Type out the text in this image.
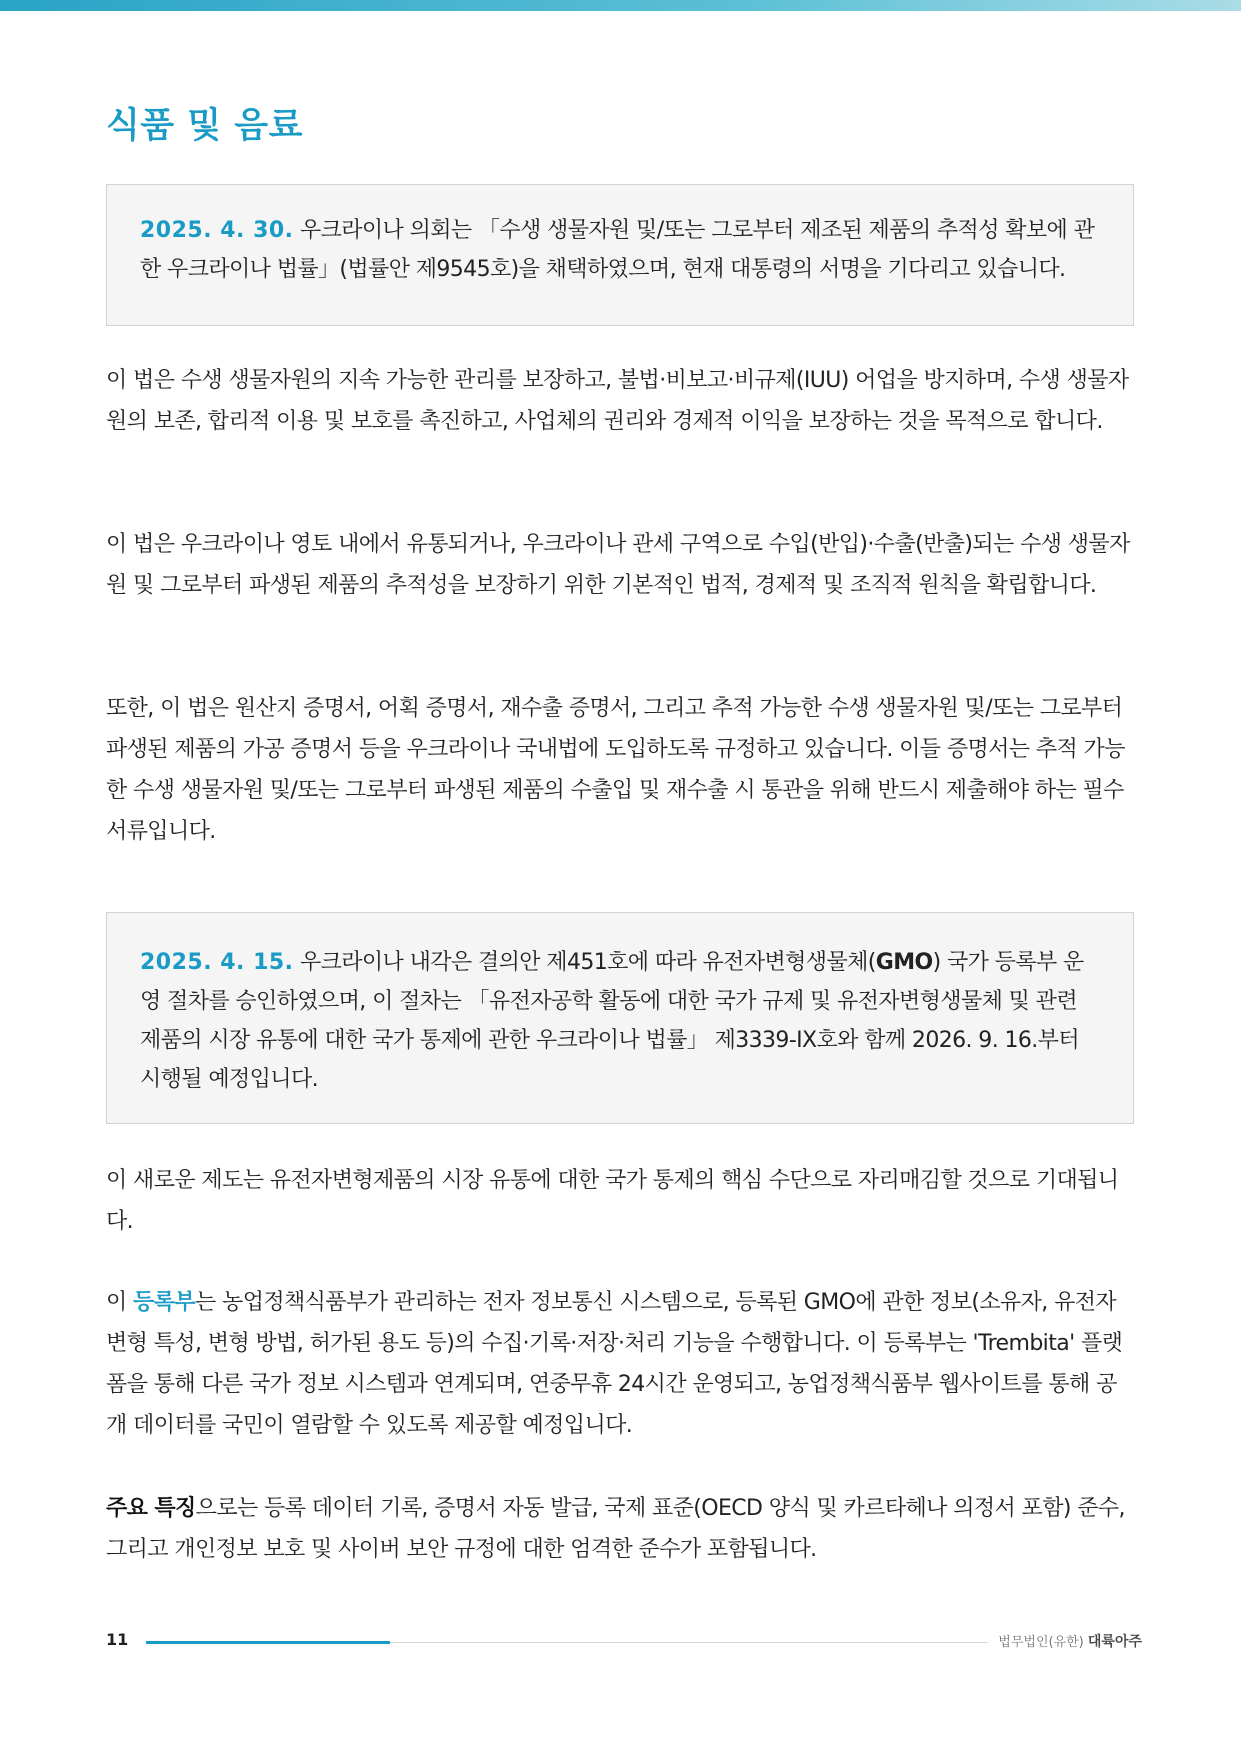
식품 및 음료

2025. 4. 30. 우크라이나 의회는 「수생 생물자원 및/또는 그로부터 제조된 제품의 추적성 확보에 관한 우크라이나 법률」(법률안 제9545호)을 채택하였으며, 현재 대통령의 서명을 기다리고 있습니다.

이 법은 수생 생물자원의 지속 가능한 관리를 보장하고, 불법·비보고·비규제(IUU) 어업을 방지하며, 수생 생물자원의 보존, 합리적 이용 및 보호를 촉진하고, 사업체의 권리와 경제적 이익을 보장하는 것을 목적으로 합니다.

이 법은 우크라이나 영토 내에서 유통되거나, 우크라이나 관세 구역으로 수입(반입)·수출(반출)되는 수생 생물자원 및 그로부터 파생된 제품의 추적성을 보장하기 위한 기본적인 법적, 경제적 및 조직적 원칙을 확립합니다.

또한, 이 법은 원산지 증명서, 어획 증명서, 재수출 증명서, 그리고 추적 가능한 수생 생물자원 및/또는 그로부터 파생된 제품의 가공 증명서 등을 우크라이나 국내법에 도입하도록 규정하고 있습니다. 이들 증명서는 추적 가능한 수생 생물자원 및/또는 그로부터 파생된 제품의 수출입 및 재수출 시 통관을 위해 반드시 제출해야 하는 필수 서류입니다.

2025. 4. 15. 우크라이나 내각은 결의안 제451호에 따라 유전자변형생물체(GMO) 국가 등록부 운영 절차를 승인하였으며, 이 절차는 「유전자공학 활동에 대한 국가 규제 및 유전자변형생물체 및 관련 제품의 시장 유통에 대한 국가 통제에 관한 우크라이나 법률」 제3339-IX호와 함께 2026. 9. 16.부터 시행될 예정입니다.

이 새로운 제도는 유전자변형제품의 시장 유통에 대한 국가 통제의 핵심 수단으로 자리매김할 것으로 기대됩니다.

이 등록부는 농업정책식품부가 관리하는 전자 정보통신 시스템으로, 등록된 GMO에 관한 정보(소유자, 유전자 변형 특성, 변형 방법, 허가된 용도 등)의 수집·기록·저장·처리 기능을 수행합니다. 이 등록부는 'Trembita' 플랫폼을 통해 다른 국가 정보 시스템과 연계되며, 연중무휴 24시간 운영되고, 농업정책식품부 웹사이트를 통해 공개 데이터를 국민이 열람할 수 있도록 제공할 예정입니다.

주요 특징으로는 등록 데이터 기록, 증명서 자동 발급, 국제 표준(OECD 양식 및 카르타헤나 의정서 포함) 준수, 그리고 개인정보 보호 및 사이버 보안 규정에 대한 엄격한 준수가 포함됩니다.

11	법무법인(유한) 대륙아주
